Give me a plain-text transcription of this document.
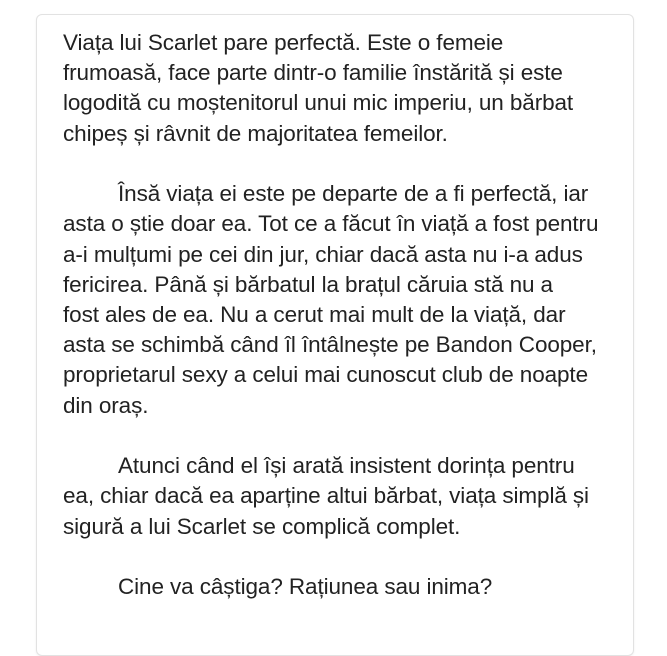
Viața lui Scarlet pare perfectă. Este o femeie
frumoasă, face parte dintr-o familie înstărită și este
logodită cu moștenitorul unui mic imperiu, un bărbat
chipeș și râvnit de majoritatea femeilor.

Însă viața ei este pe departe de a fi perfectă, iar
asta o știe doar ea. Tot ce a făcut în viață a fost pentru
a-i mulțumi pe cei din jur, chiar dacă asta nu i-a adus
fericirea. Până și bărbatul la brațul căruia stă nu a
fost ales de ea. Nu a cerut mai mult de la viață, dar
asta se schimbă când îl întâlnește pe Bandon Cooper,
proprietarul sexy a celui mai cunoscut club de noapte
din oraș.

Atunci când el își arată insistent dorința pentru
ea, chiar dacă ea aparține altui bărbat, viața simplă și
sigură a lui Scarlet se complică complet.

Cine va câștiga? Rațiunea sau inima?
